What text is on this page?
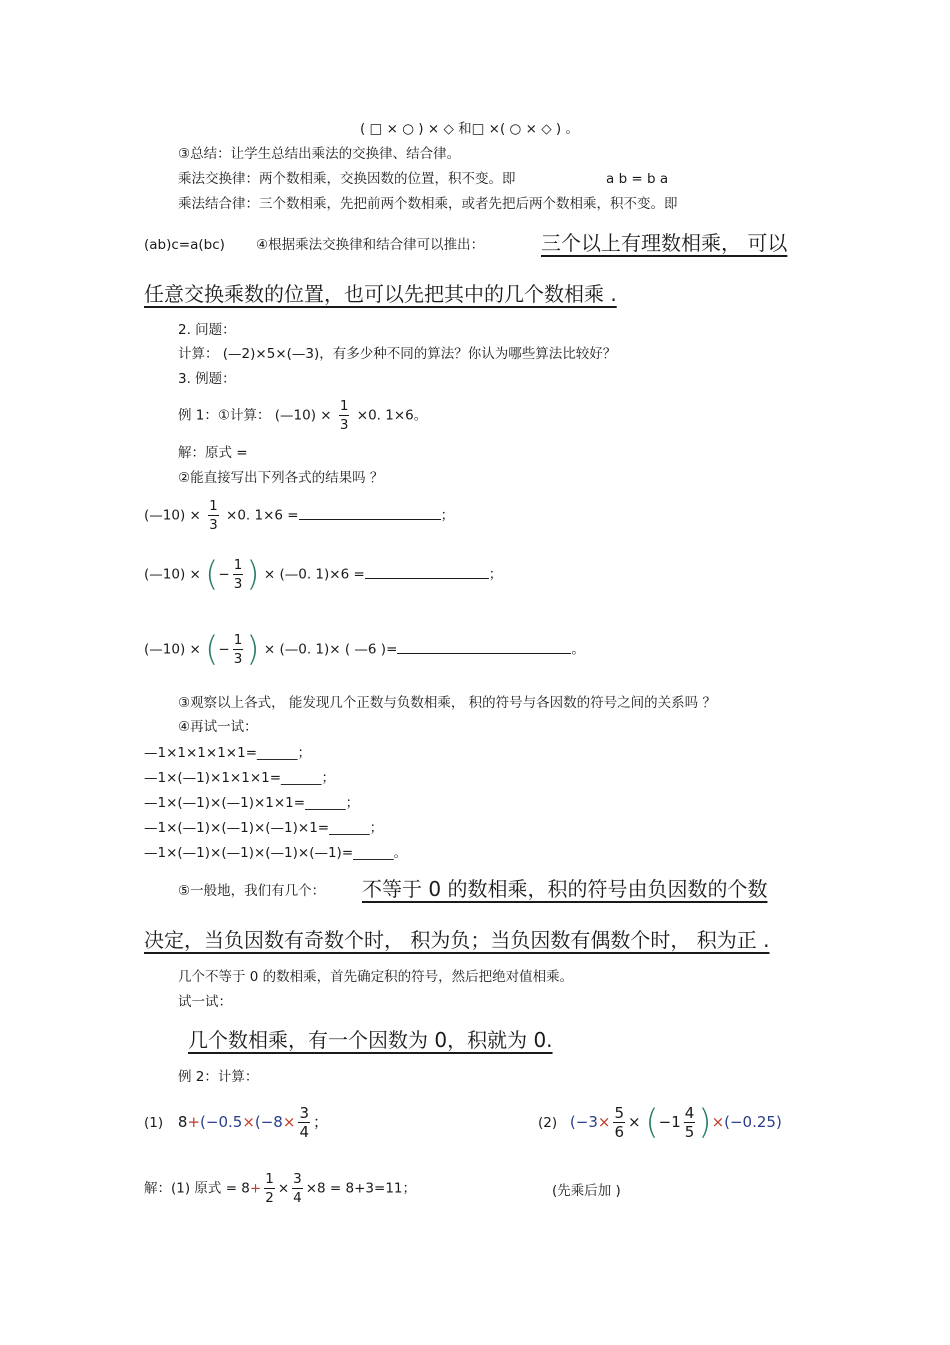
( □ × ○ ) × ◇ 和□ ×( ○ × ◇ ) 。
③总结：让学生总结出乘法的交换律、结合律。
乘法交换律：两个数相乘，交换因数的位置，积不变。即	a b = b a
乘法结合律：三个数相乘，先把前两个数相乘，或者先把后两个数相乘，积不变。即
(ab)c=a(bc) ④根据乘法交换律和结合律可以推出：	三个以上有理数相乘， 可以
任意交换乘数的位置，也可以先把其中的几个数相乘 .
2. 问题：
计算： (—2)×5×(—3)，有多少种不同的算法？你认为哪些算法比较好？
3. 例题：
例 1：①计算： (—10) × $\frac{1}{3} \times 0$. 1×6。
解：原式 =
②能直接写出下列各式的结果吗 ？
(—10) × $\frac{1}{3} \times 0$. 1×6 =	；
(—10) × (− $\frac{1}{3}$ ) × (—0. 1)×6 =	；
(—10) × (− $\frac{1}{3}$ ) × (—0. 1)× ( —6 )=	。
③观察以上各式， 能发现几个正数与负数相乘， 积的符号与各因数的符号之间的关系吗 ？
④再试一试：
—1×1×1×1×1=______；
—1×(—1)×1×1×1=______；
—1×(—1)×(—1)×1×1=______；
—1×(—1)×(—1)×(—1)×1=______；
—1×(—1)×(—1)×(—1)×(—1)=______。
⑤一般地，我们有几个： 不等于 0 的数相乘，积的符号由负因数的个数
决定，当负因数有奇数个时， 积为负；当负因数有偶数个时， 积为正 .
几个不等于 0 的数相乘，首先确定积的符号，然后把绝对值相乘。
试一试：
几个数相乘，有一个因数为 0，积就为 0.
例 2：计算：
(1) $8+(-0.5\times(-8\times \frac{3}{4}$ ；	(2) ($-3\times \frac{5}{6} \times (-1 \frac{4}{5} )\times(-0.25)$
解：(1) 原式 = $8+ \frac{1}{2} \times \frac{3}{4} \times 8 = 8+3=11$；	(先乘后加 )
